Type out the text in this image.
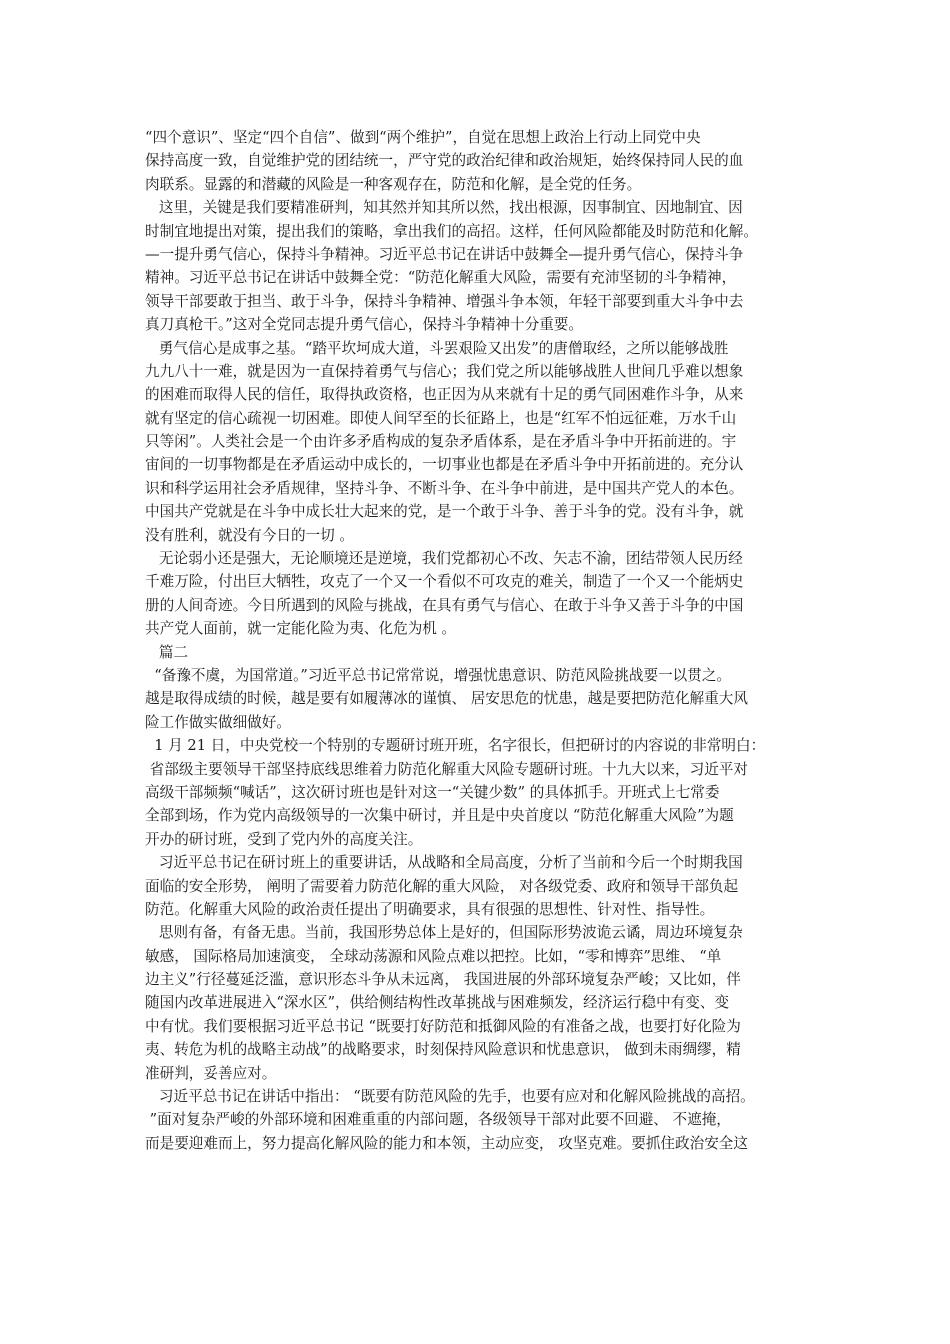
“四个意识”、坚定“四个自信”、做到“两个维护”，自觉在思想上政治上行动上同党中央
保持高度一致，自觉维护党的团结统一，严守党的政治纪律和政治规矩，始终保持同人民的血
肉联系。显露的和潜藏的风险是一种客观存在，防范和化解，是全党的任务。
这里，关键是我们要精准研判，知其然并知其所以然，找出根源，因事制宜、因地制宜、因
时制宜地提出对策，提出我们的策略，拿出我们的高招。这样，任何风险都能及时防范和化解。
—一提升勇气信心，保持斗争精神。习近平总书记在讲话中鼓舞全—提升勇气信心，保持斗争
精神。习近平总书记在讲话中鼓舞全党：“防范化解重大风险，需要有充沛坚韧的斗争精神，
领导干部要敢于担当、敢于斗争，保持斗争精神、增强斗争本领，年轻干部要到重大斗争中去
真刀真枪干。”这对全党同志提升勇气信心，保持斗争精神十分重要。
勇气信心是成事之基。“踏平坎坷成大道，斗罢艰险又出发”的唐僧取经，之所以能够战胜
九九八十一难，就是因为一直保持着勇气与信心；我们党之所以能够战胜人世间几乎难以想象
的困难而取得人民的信任，取得执政资格，也正因为从来就有十足的勇气同困难作斗争，从来
就有坚定的信心疏视一切困难。即使人间罕至的长征路上，也是“红军不怕远征难，万水千山
只等闲”。人类社会是一个由许多矛盾构成的复杂矛盾体系，是在矛盾斗争中开拓前进的。宇
宙间的一切事物都是在矛盾运动中成长的，一切事业也都是在矛盾斗争中开拓前进的。充分认
识和科学运用社会矛盾规律，坚持斗争、不断斗争、在斗争中前进，是中国共产党人的本色。
中国共产党就是在斗争中成长壮大起来的党，是一个敢于斗争、善于斗争的党。没有斗争，就
没有胜利，就没有今日的一切 。
无论弱小还是强大，无论顺境还是逆境，我们党都初心不改、矢志不渝，团结带领人民历经
千难万险，付出巨大牺牲，攻克了一个又一个看似不可攻克的难关，制造了一个又一个能炳史
册的人间奇迹。今日所遇到的风险与挑战，在具有勇气与信心、在敢于斗争又善于斗争的中国
共产党人面前，就一定能化险为夷、化危为机 。
篇二
“备豫不虞，为国常道。”习近平总书记常常说，增强忧患意识、防范风险挑战要一以贯之。
越是取得成绩的时候，越是要有如履薄冰的谨慎、 居安思危的忧患，越是要把防范化解重大风
险工作做实做细做好。
1 月 21 日，中央党校一个特别的专题研讨班开班，名字很长，但把研讨的内容说的非常明白：
省部级主要领导干部坚持底线思维着力防范化解重大风险专题研讨班。十九大以来，习近平对
高级干部频频“喊话”，这次研讨班也是针对这一“关键少数” 的具体抓手。开班式上七常委
全部到场，作为党内高级领导的一次集中研讨，并且是中央首度以 “防范化解重大风险”为题
开办的研讨班，受到了党内外的高度关注。
习近平总书记在研讨班上的重要讲话，从战略和全局高度，分析了当前和今后一个时期我国
面临的安全形势， 阐明了需要着力防范化解的重大风险， 对各级党委、政府和领导干部负起
防范。化解重大风险的政治责任提出了明确要求，具有很强的思想性、针对性、指导性。
思则有备，有备无患。当前，我国形势总体上是好的，但国际形势波诡云谲，周边环境复杂
敏感， 国际格局加速演变， 全球动荡源和风险点难以把控。比如，“零和博弈”思维、 “单
边主义”行径蔓延泛滥，意识形态斗争从未远离， 我国进展的外部环境复杂严峻；又比如，伴
随国内改革进展进入“深水区”，供给侧结构性改革挑战与困难频发，经济运行稳中有变、变
中有忧。我们要根据习近平总书记 “既要打好防范和抵御风险的有准备之战，也要打好化险为
夷、转危为机的战略主动战”的战略要求，时刻保持风险意识和忧患意识， 做到未雨绸缪，精
准研判，妥善应对。
习近平总书记在讲话中指出： “既要有防范风险的先手，也要有应对和化解风险挑战的高招。
”面对复杂严峻的外部环境和困难重重的内部问题，各级领导干部对此要不回避、 不遮掩，
而是要迎难而上，努力提高化解风险的能力和本领，主动应变， 攻坚克难。要抓住政治安全这
